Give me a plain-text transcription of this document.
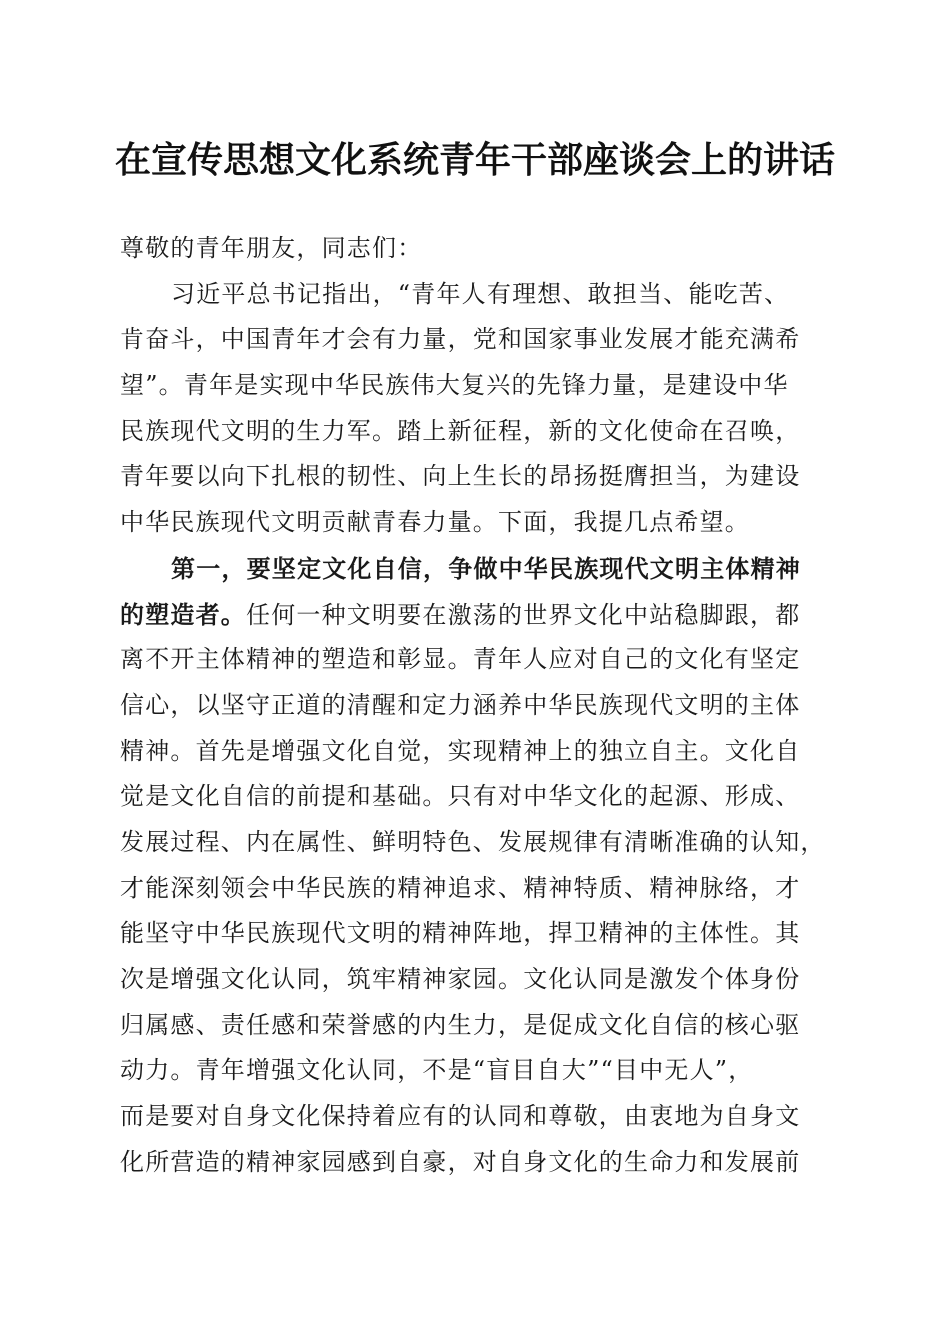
在宣传思想文化系统青年干部座谈会上的讲话
尊敬的青年朋友，同志们：
习近平总书记指出，“青年人有理想、敢担当、能吃苦、
肯奋斗，中国青年才会有力量，党和国家事业发展才能充满希
望”。青年是实现中华民族伟大复兴的先锋力量，是建设中华
民族现代文明的生力军。踏上新征程，新的文化使命在召唤，
青年要以向下扎根的韧性、向上生长的昂扬挺膺担当，为建设
中华民族现代文明贡献青春力量。下面，我提几点希望。
第一，要坚定文化自信，争做中华民族现代文明主体精神
的塑造者。任何一种文明要在激荡的世界文化中站稳脚跟，都
离不开主体精神的塑造和彰显。青年人应对自己的文化有坚定
信心，以坚守正道的清醒和定力涵养中华民族现代文明的主体
精神。首先是增强文化自觉，实现精神上的独立自主。文化自
觉是文化自信的前提和基础。只有对中华文化的起源、形成、
发展过程、内在属性、鲜明特色、发展规律有清晰准确的认知，
才能深刻领会中华民族的精神追求、精神特质、精神脉络，才
能坚守中华民族现代文明的精神阵地，捍卫精神的主体性。其
次是增强文化认同，筑牢精神家园。文化认同是激发个体身份
归属感、责任感和荣誉感的内生力，是促成文化自信的核心驱
动力。青年增强文化认同，不是“盲目自大”“目中无人”，
而是要对自身文化保持着应有的认同和尊敬，由衷地为自身文
化所营造的精神家园感到自豪，对自身文化的生命力和发展前
